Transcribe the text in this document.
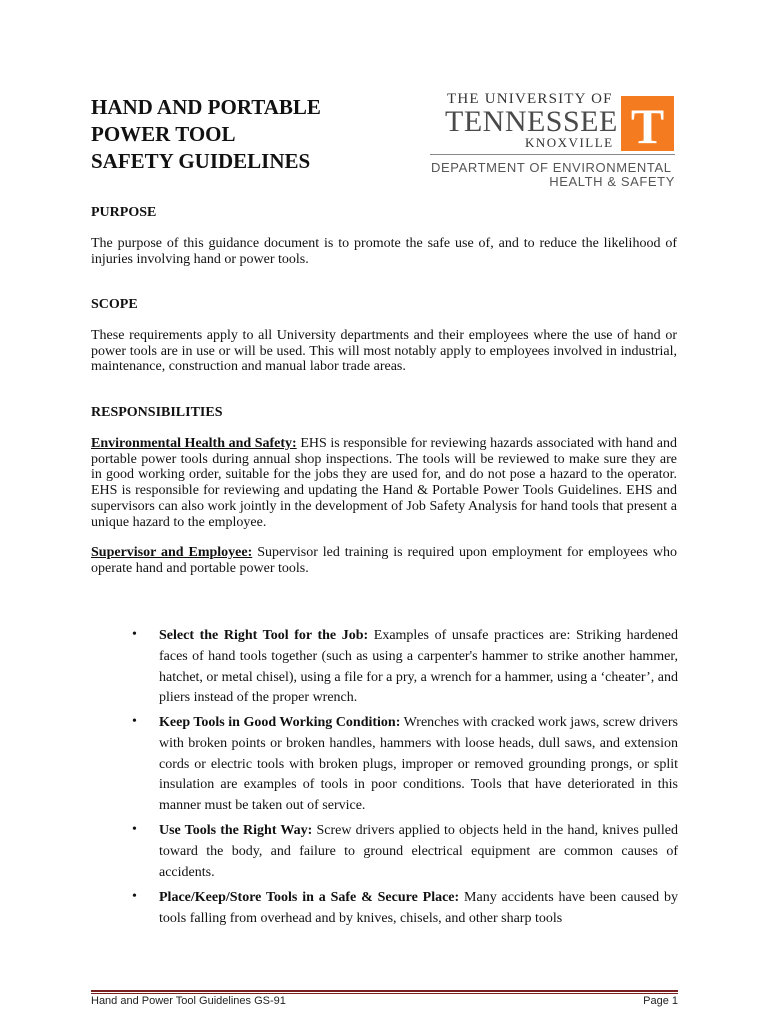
HAND AND PORTABLE
POWER TOOL
SAFETY GUIDELINES
THE UNIVERSITY OF
TENNESSEE
KNOXVILLE T
DEPARTMENT OF ENVIRONMENTAL
HEALTH & SAFETY
PURPOSE
The purpose of this guidance document is to promote the safe use of, and to reduce the likelihood of injuries involving hand or power tools.
SCOPE
These requirements apply to all University departments and their employees where the use of hand or power tools are in use or will be used. This will most notably apply to employees involved in industrial, maintenance, construction and manual labor trade areas.
RESPONSIBILITIES
Environmental Health and Safety: EHS is responsible for reviewing hazards associated with hand and portable power tools during annual shop inspections. The tools will be reviewed to make sure they are in good working order, suitable for the jobs they are used for, and do not pose a hazard to the operator. EHS is responsible for reviewing and updating the Hand & Portable Power Tools Guidelines. EHS and supervisors can also work jointly in the development of Job Safety Analysis for hand tools that present a unique hazard to the employee.
Supervisor and Employee: Supervisor led training is required upon employment for employees who operate hand and portable power tools.
• Select the Right Tool for the Job: Examples of unsafe practices are: Striking hardened faces of hand tools together (such as using a carpenter's hammer to strike another hammer, hatchet, or metal chisel), using a file for a pry, a wrench for a hammer, using a ‘cheater’, and pliers instead of the proper wrench.
• Keep Tools in Good Working Condition: Wrenches with cracked work jaws, screw drivers with broken points or broken handles, hammers with loose heads, dull saws, and extension cords or electric tools with broken plugs, improper or removed grounding prongs, or split insulation are examples of tools in poor conditions. Tools that have deteriorated in this manner must be taken out of service.
• Use Tools the Right Way: Screw drivers applied to objects held in the hand, knives pulled toward the body, and failure to ground electrical equipment are common causes of accidents.
• Place/Keep/Store Tools in a Safe & Secure Place: Many accidents have been caused by tools falling from overhead and by knives, chisels, and other sharp tools
Hand and Power Tool Guidelines GS-91	Page 1
